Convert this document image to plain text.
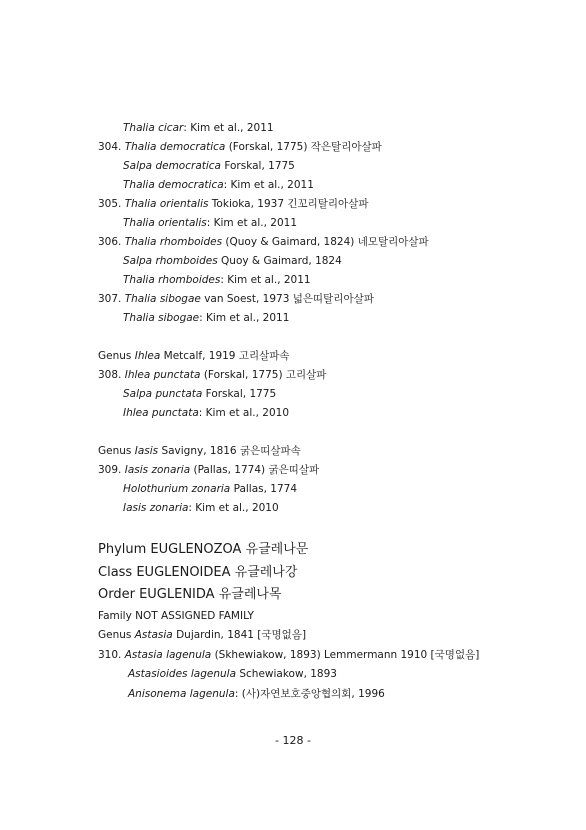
Thalia cicar: Kim et al., 2011
304. Thalia democratica (Forskal, 1775) 작은탈리아살파
Salpa democratica Forskal, 1775
Thalia democratica: Kim et al., 2011
305. Thalia orientalis Tokioka, 1937 긴꼬리탈리아살파
Thalia orientalis: Kim et al., 2011
306. Thalia rhomboides (Quoy & Gaimard, 1824) 네모탈리아살파
Salpa rhomboides Quoy & Gaimard, 1824
Thalia rhomboides: Kim et al., 2011
307. Thalia sibogae van Soest, 1973 넓은띠탈리아살파
Thalia sibogae: Kim et al., 2011
Genus Ihlea Metcalf, 1919 고리살파속
308. Ihlea punctata (Forskal, 1775) 고리살파
Salpa punctata Forskal, 1775
Ihlea punctata: Kim et al., 2010
Genus Iasis Savigny, 1816 굵은띠살파속
309. Iasis zonaria (Pallas, 1774) 굵은띠살파
Holothurium zonaria Pallas, 1774
Iasis zonaria: Kim et al., 2010
Phylum EUGLENOZOA 유글레나문
Class EUGLENOIDEA 유글레나강
Order EUGLENIDA 유글레나목
Family NOT ASSIGNED FAMILY
Genus Astasia Dujardin, 1841 [국명없음]
310. Astasia lagenula (Skhewiakow, 1893) Lemmermann 1910 [국명없음]
Astasioides lagenula Schewiakow, 1893
Anisonema lagenula: (사)자연보호중앙협의회, 1996
- 128 -
